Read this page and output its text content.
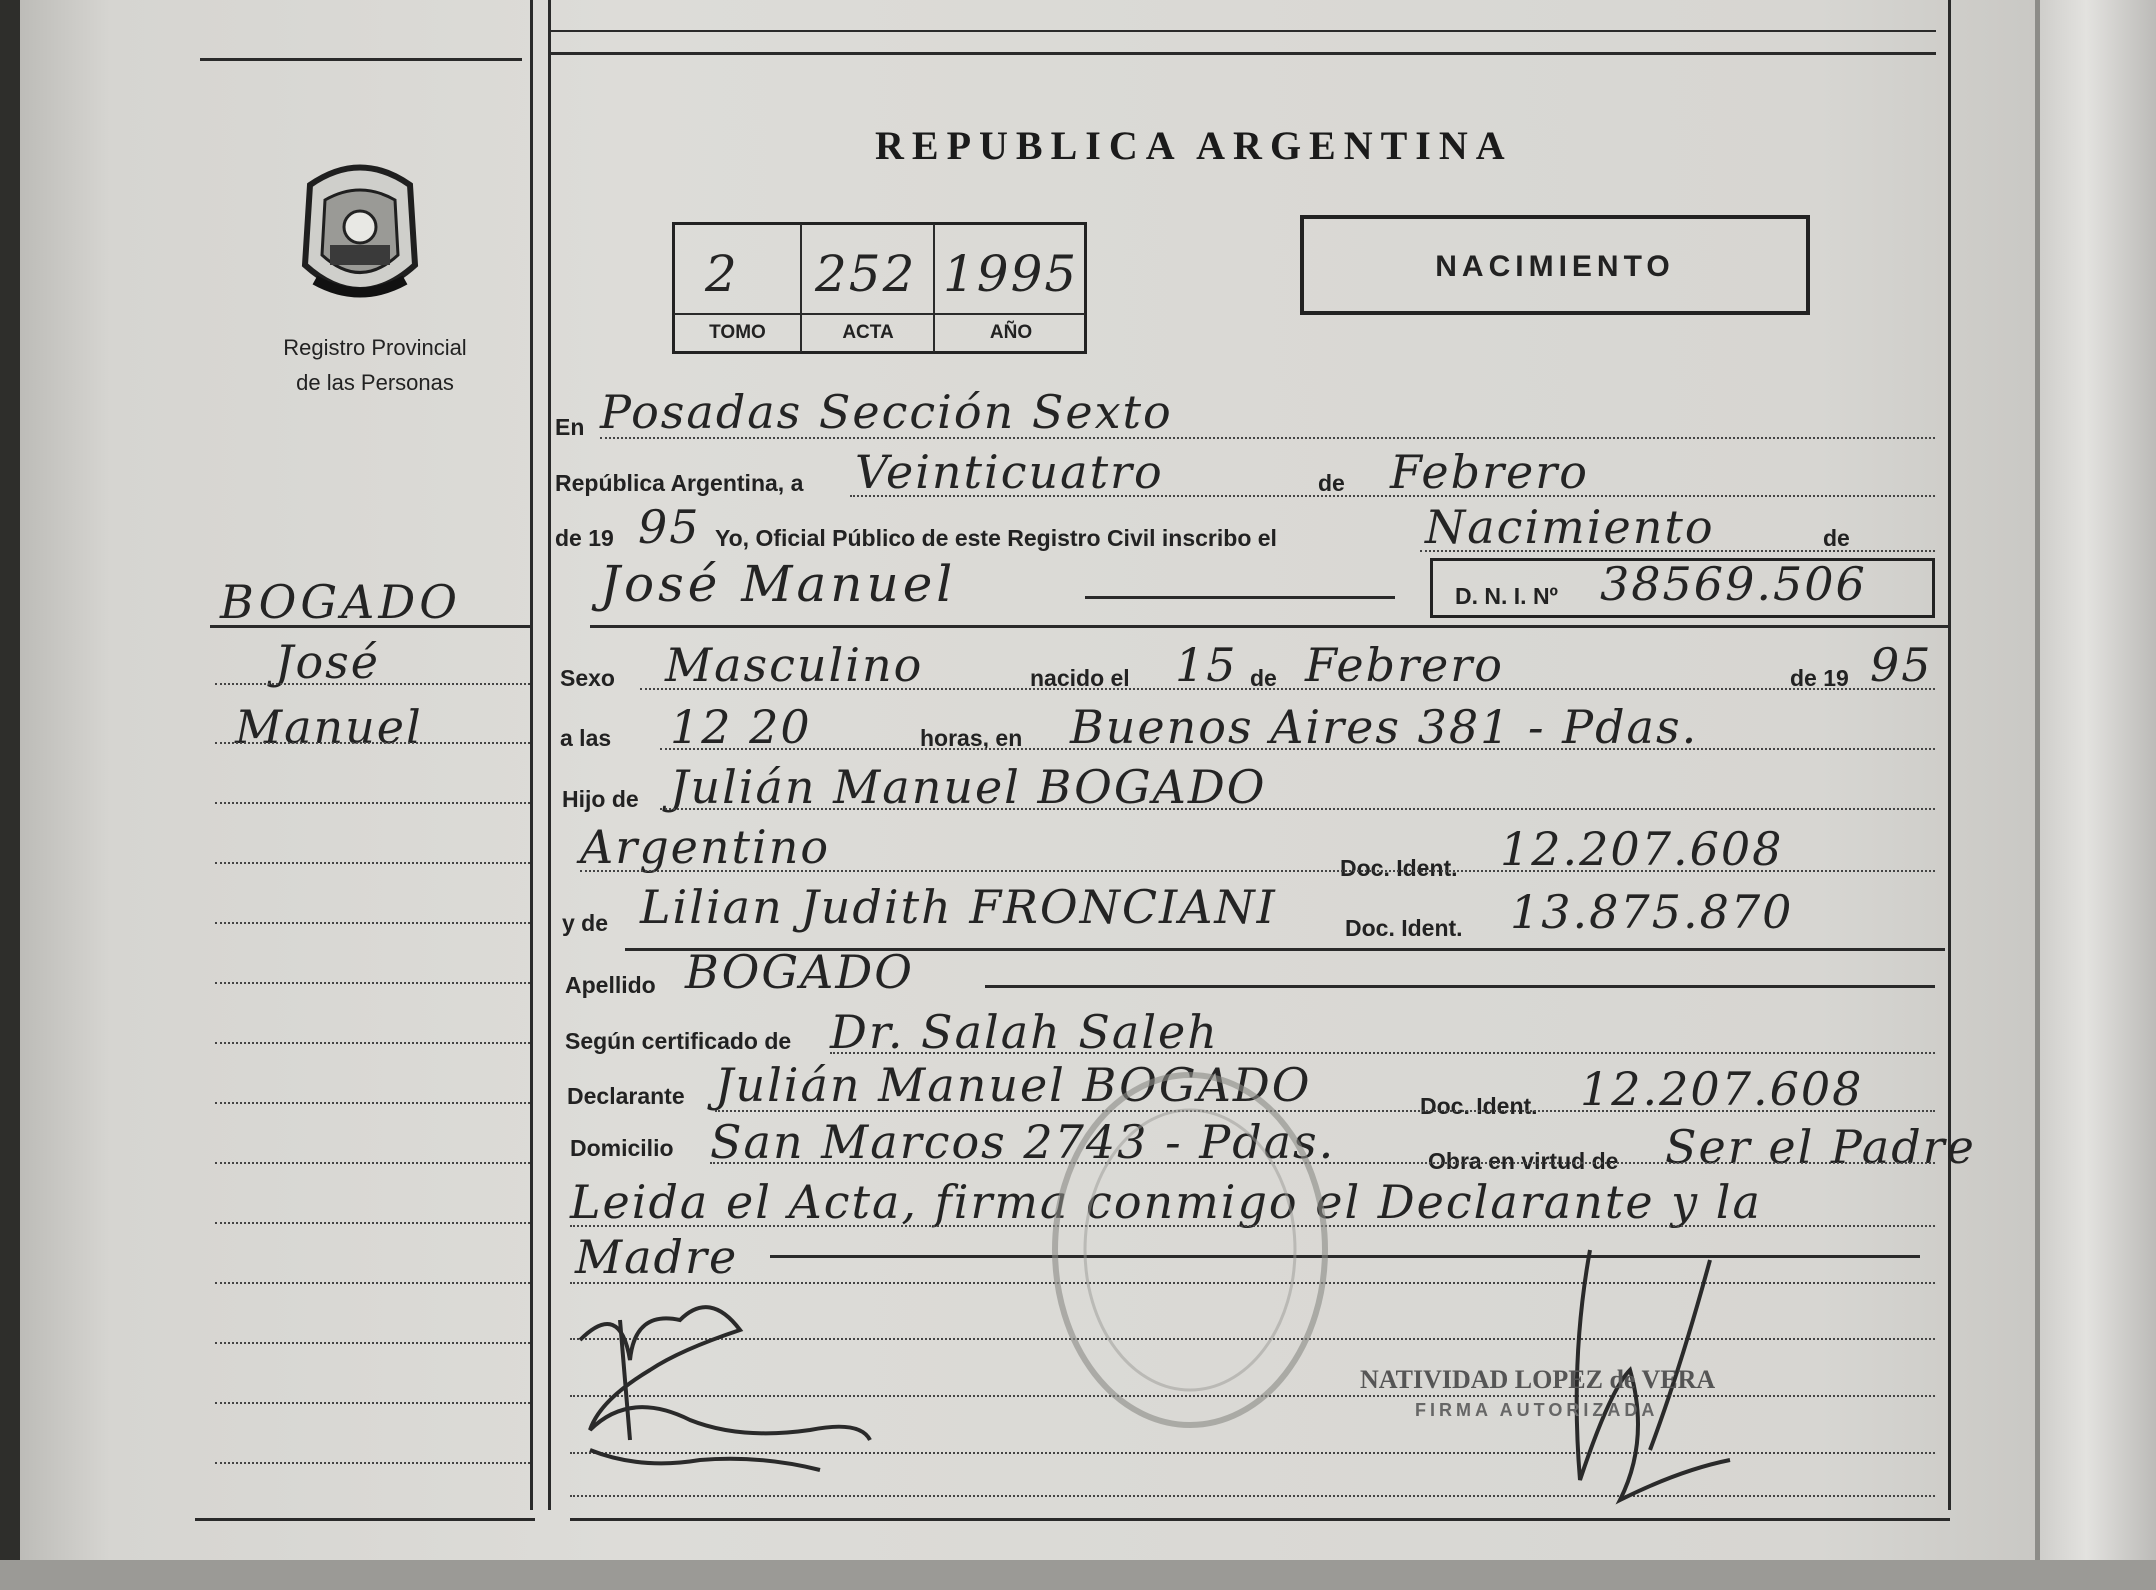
Registro Provincial
de las Personas
REPUBLICA ARGENTINA
2 252 1995
TOMO	ACTA	AÑO
NACIMIENTO
BOGADO
José
Manuel
En Posadas Sección Sexto
República Argentina, a Veinticuatro	de Febrero
de 19 95 Yo, Oficial Público de este Registro Civil inscribo el	Nacimiento	de
José Manuel	D. N. I. Nº 38569.506
Sexo Masculino	nacido el 15 de Febrero	de 19 95
a las 12 20	horas, en Buenos Aires 381 - Pdas.
Hijo de Julián Manuel BOGADO
Argentino	Doc. Ident. 12.207.608
y de Lilian Judith FRONCIANI	Doc. Ident. 13.875.870
Apellido BOGADO
Según certificado de Dr. Salah Saleh
Declarante Julián Manuel BOGADO	Doc. Ident. 12.207.608
Domicilio San Marcos 2743 - Pdas.	Obra en virtud de Ser el Padre
Leida el Acta, firma conmigo el Declarante y la
Madre
NATIVIDAD LOPEZ de VERA
FIRMA AUTORIZADA
